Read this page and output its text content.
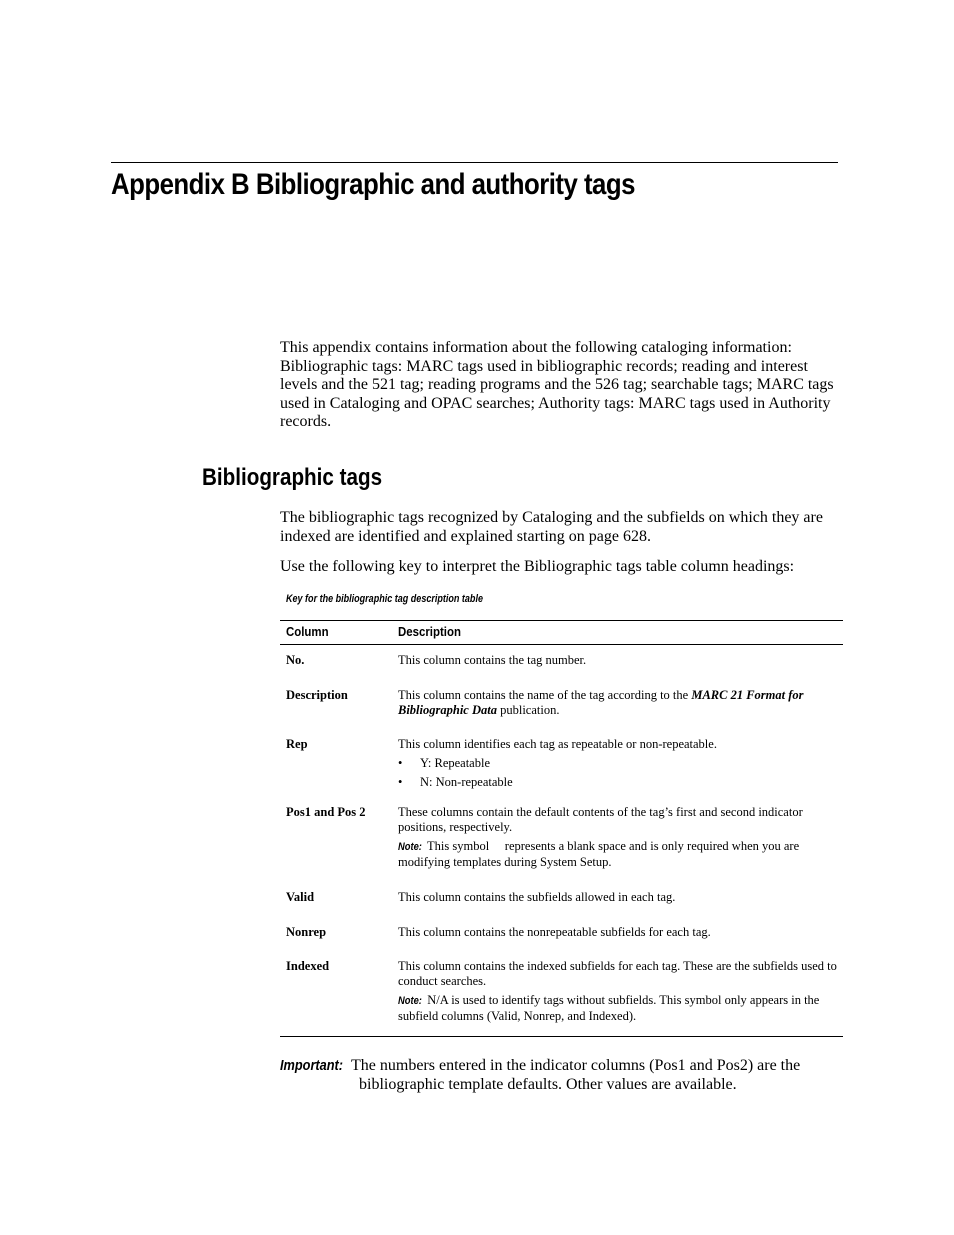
Appendix B Bibliographic and authority tags

This appendix contains information about the following cataloging information: Bibliographic tags: MARC tags used in bibliographic records; reading and interest levels and the 521 tag; reading programs and the 526 tag; searchable tags; MARC tags used in Cataloging and OPAC searches; Authority tags: MARC tags used in Authority records.

Bibliographic tags

The bibliographic tags recognized by Cataloging and the subfields on which they are indexed are identified and explained starting on page 628.

Use the following key to interpret the Bibliographic tags table column headings:

Key for the bibliographic tag description table
Column	Description
No.	This column contains the tag number.

Description	This column contains the name of the tag according to the MARC 21 Format for Bibliographic Data publication.

Rep	This column identifies each tag as repeatable or non-repeatable.

• Y: Repeatable
• N: Non-repeatable
Pos1 and Pos 2	These columns contain the default contents of the tag’s first and second indicator positions, respectively.

Note: This symbol     represents a blank space and is only required when you are modifying templates during System Setup.

Valid	This column contains the subfields allowed in each tag.

Nonrep	This column contains the nonrepeatable subfields for each tag.

Indexed	This column contains the indexed subfields for each tag. These are the subfields used to conduct searches.

Note: N/A is used to identify tags without subfields. This symbol only appears in the subfield columns (Valid, Nonrep, and Indexed).

Important: The numbers entered in the indicator columns (Pos1 and Pos2) are the bibliographic template defaults. Other values are available.
